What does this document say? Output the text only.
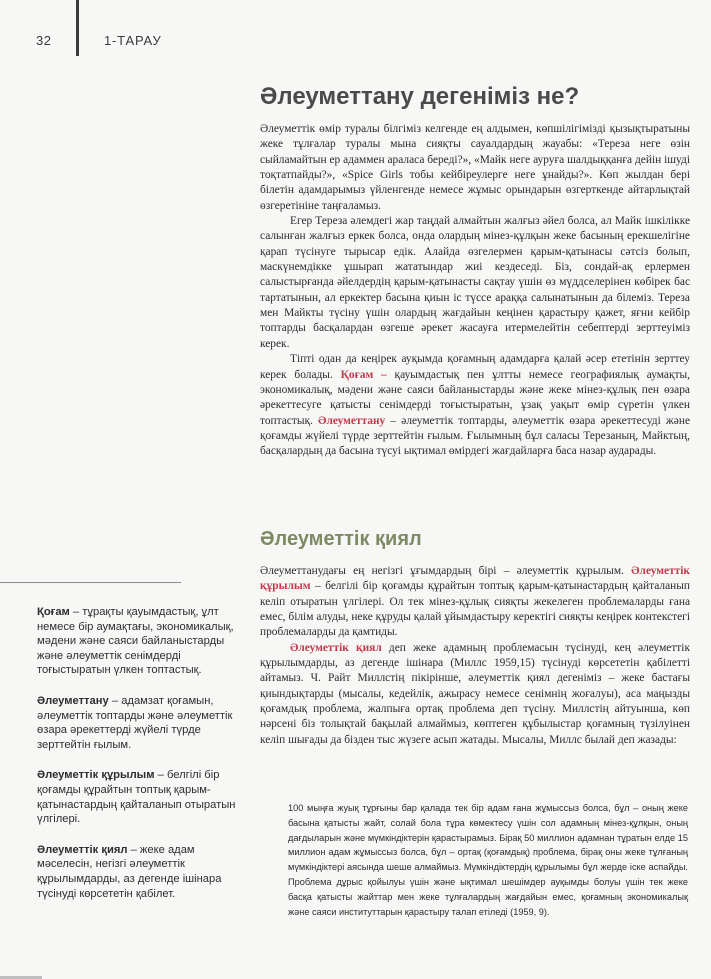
32	1-ТАРАУ
Әлеуметтану дегеніміз не?

Әлеуметтік өмір туралы білгіміз келгенде ең алдымен, көпшілігімізді қызықтыратыны жеке тұлғалар туралы мына сияқты сауалдардың жауабы: «Тереза неге өзін сыйламайтын ер адаммен араласа береді?», «Майк неге ауруға шалдыққанға дейін ішуді тоқтатпайды?», «Spice Girls тобы кейбіреулерге неге ұнайды?». Көп жылдан бері білетін адамдарымыз үйленгенде немесе жұмыс орындарын өзгерткенде айтарлықтай өзгеретініне таңғаламыз.

Егер Тереза әлемдегі жар таңдай алмайтын жалғыз әйел болса, ал Майк ішкілікке салынған жалғыз еркек болса, онда олардың мінез-құлқын жеке басының ерекшелігіне қарап түсінуге тырысар едік. Алайда өзгелермен қарым-қатынасы сәтсіз болып, маскүнемдікке ұшырап жататындар жиі кездеседі. Біз, сондай-ақ ерлермен салыстырғанда әйелдердің қарым-қатынасты сақтау үшін өз мүддселерінен көбірек бас тартатынын, ал еркектер басына қиын іс түссе араққа салынатынын да білеміз. Тереза мен Майкты түсіну үшін олардың жағдайын кеңінен қарастыру қажет, яғни кейбір топтарды басқалардан өзгеше әрекет жасауға итермелейтін себептерді зерттеуіміз керек.

Тіпті одан да кеңірек ауқымда қоғамның адамдарға қалай әсер ететінін зерттеу керек болады. Қоғам – қауымдастық пен ұлтты немесе географиялық аумақты, экономикалық, мәдени және саяси байланыстарды және жеке мінез-құлық пен өзара әрекеттесуге қатысты сенімдерді тоғыстыратын, ұзақ уақыт өмір сүретін үлкен топтастық. Әлеуметтану – әлеуметтік топтарды, әлеуметтік өзара әрекеттесуді және қоғамды жүйелі түрде зерттейтін ғылым. Ғылымның бұл саласы Терезаның, Майктың, басқалардың да басына түсуі ықтимал өмірдегі жағдайларға баса назар аударады.

Әлеуметтік қиял

Әлеуметтанудағы ең негізгі ұғымдардың бірі – әлеуметтік құрылым. Әлеуметтік құрылым – белгілі бір қоғамды құрайтын топтық қарым-қатынастардың қайталанып келіп отыратын үлгілері. Ол тек мінез-құлық сияқты жекелеген проблемаларды ғана емес, білім алуды, неке құруды қалай ұйымдастыру керектігі сияқты кеңірек контекстегі проблемаларды да қамтиды.

Әлеуметтік қиял деп жеке адамның проблемасын түсінуді, кең әлеуметтік құрылымдарды, аз дегенде ішінара (Миллс 1959,15) түсінуді көрсететін қабілетті айтамыз. Ч. Райт Миллстің пікірінше, әлеуметтік қиял дегеніміз – жеке бастағы қиындықтарды (мысалы, кедейлік, ажырасу немесе сенімнің жоғалуы), аса маңызды қоғамдық проблема, жалпыға ортақ проблема деп түсіну. Миллстің айтуынша, көп нәрсені біз толықтай бақылай алмаймыз, көптеген құбылыстар қоғамның түзілуінен келіп шығады да бізден тыс жүзеге асып жатады. Мысалы, Миллс былай деп жазады:

100 мыңға жуық тұрғыны бар қалада тек бір адам ғана жұмыссыз болса, бұл – оның жеке басына қатысты жайт, солай бола тұра көмектесу үшін сол адамның мінез-құлқын, оның дағдыларын және мүмкіндіктерін қарастырамыз. Бірақ 50 миллион адамнан тұратын елде 15 миллион адам жұмыссыз болса, бұл – ортақ (қоғамдық) проблема, бірақ оны жеке тұлғаның мүмкіндіктері аясында шеше алмаймыз. Мүмкіндіктердің құрылымы бұл жерде іске аспайды. Проблема дұрыс қойылуы үшін және ықтимал шешімдер ауқымды болуы үшін тек жеке басқа қатысты жайттар мен жеке тұлғалардың жағдайын емес, қоғамның экономикалық және саяси институттарын қарастыру талап етіледі (1959, 9).

Қоғам – тұрақты қауымдастық, ұлт немесе бір аумақтағы, экономикалық, мәдени және саяси байланыстарды және әлеуметтік сенімдерді тоғыстыратын үлкен топтастық.

Әлеуметтану – адамзат қоғамын, әлеуметтік топтарды және әлеуметтік өзара әрекеттерді жүйелі түрде зерттейтін ғылым.

Әлеуметтік құрылым – белгілі бір қоғамды құрайтын топтық қарым-қатынастардың қайталанып отыратын үлгілері.

Әлеуметтік қиял – жеке адам мәселесін, негізгі әлеуметтік құрылымдарды, аз дегенде ішінара түсінуді көрсететін қабілет.
